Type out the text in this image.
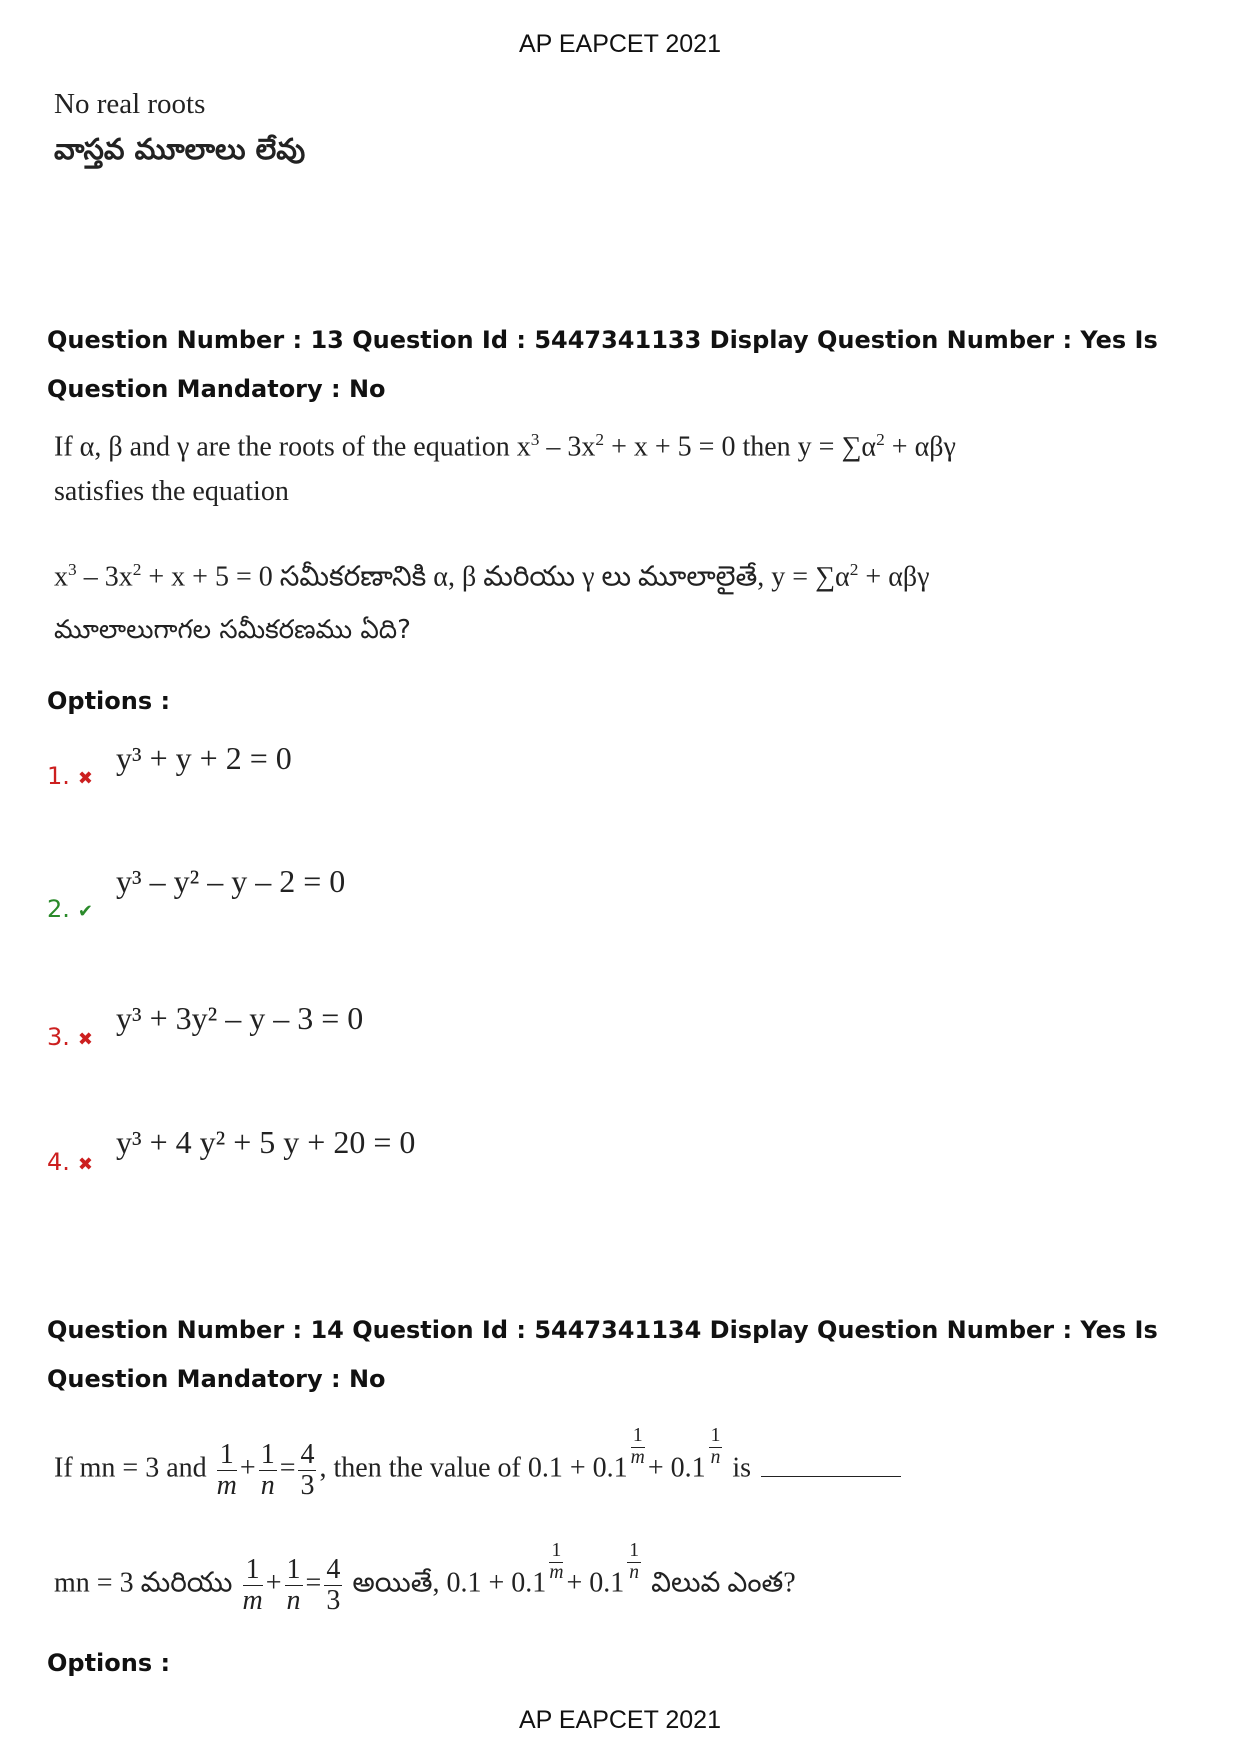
AP EAPCET 2021
No real roots
వాస్తవ మూలాలు లేవు
Question Number : 13 Question Id : 5447341133 Display Question Number : Yes Is Question Mandatory : No
If α, β and γ are the roots of the equation $x^3 - 3x^2 + x + 5 = 0$ then $y = \sum\alpha^2 + \alpha\beta\gamma$
satisfies the equation
$x^3 - 3x^2 + x + 5 = 0$ సమీకరణానికి α, β మరియు γ లు మూలాలైతే, $y = \sum\alpha^2 + \alpha\beta\gamma$
మూలాలుగాగల సమీకరణము ఏది?
Options :
1. ✖
y³ + y + 2 = 0
2. ✔
y³ – y² – y – 2 = 0
3. ✖
y³ + 3y² – y – 3 = 0
4. ✖
y³ + 4 y² + 5 y + 20 = 0
Question Number : 14 Question Id : 5447341134 Display Question Number : Yes Is Question Mandatory : No
If mn = 3 and $\frac{1}{m} + \frac{1}{n} = \frac{4}{3}$ , then the value of 0.1 + 0.1 $^{\frac{1}{m}}$ + 0.1 $^{\frac{1}{n}}$ is
mn = 3 మరియు $\frac{1}{m} + \frac{1}{n} = \frac{4}{3}$ అయితే, 0.1 + 0.1 $^{\frac{1}{m}}$ + 0.1 $^{\frac{1}{n}}$ విలువ ఎంత?
Options :
AP EAPCET 2021
